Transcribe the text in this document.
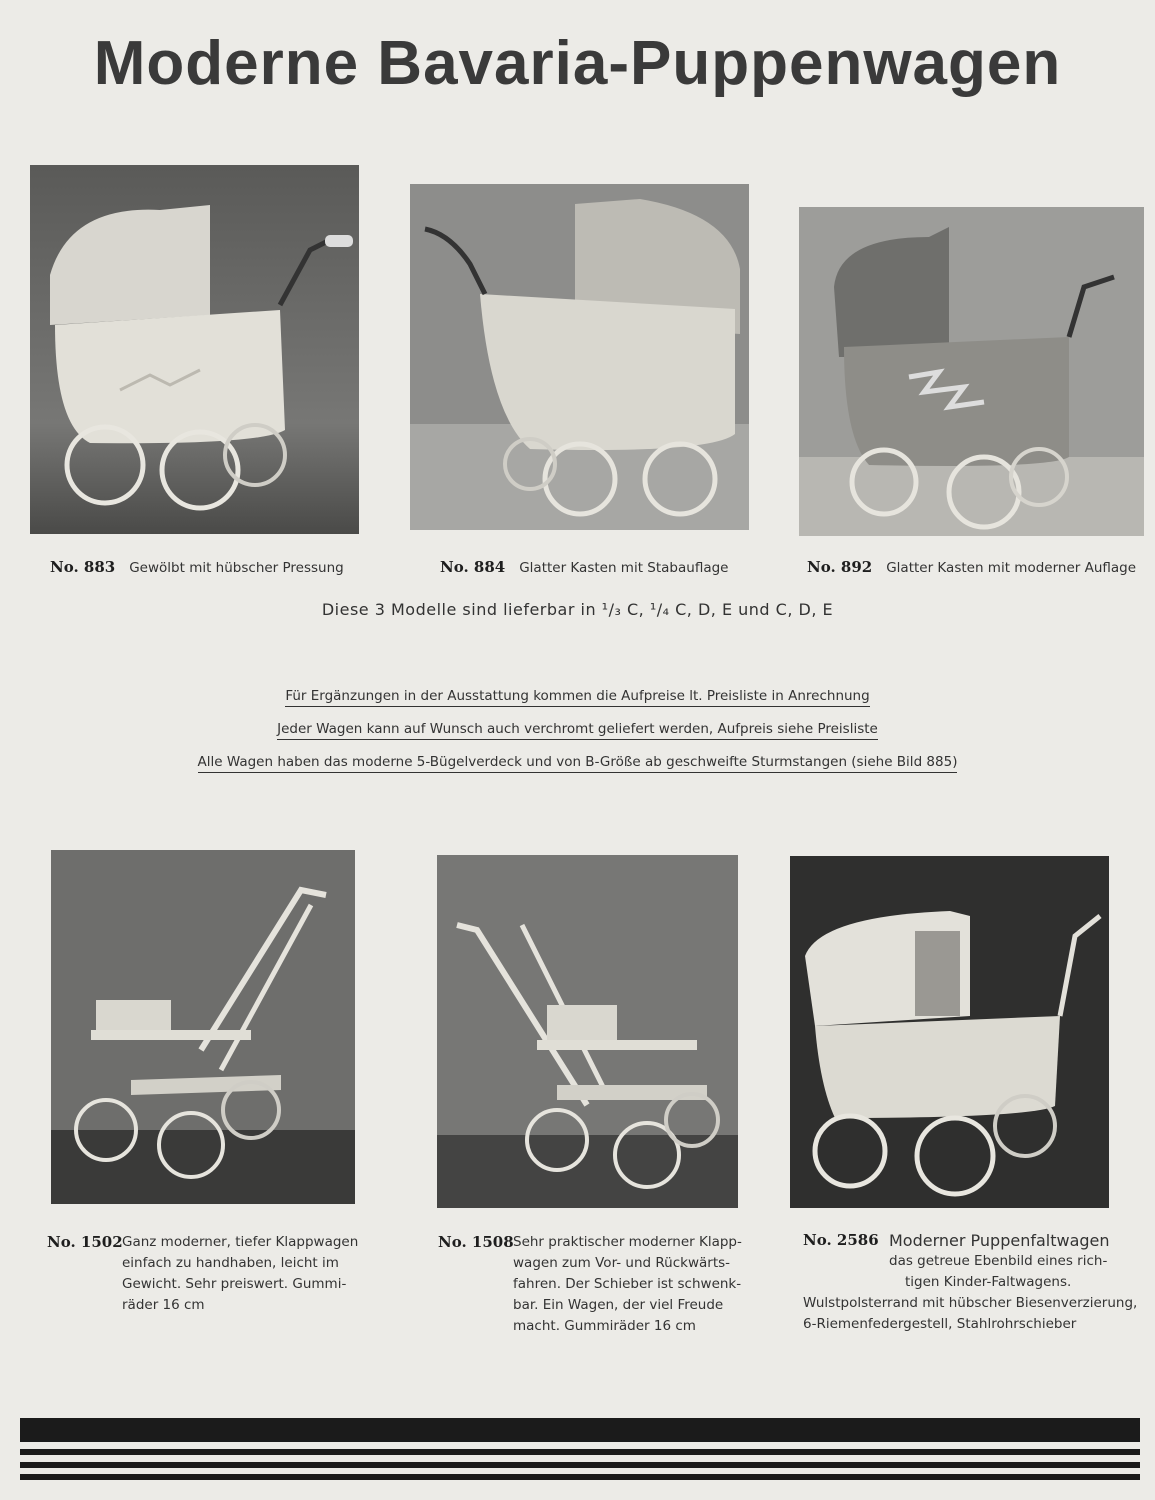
Moderne Bavaria-Puppenwagen
No. 883 Gewölbt mit hübscher Pressung	No. 884 Glatter Kasten mit Stabauflage	No. 892 Glatter Kasten mit moderner Auflage
Diese 3 Modelle sind lieferbar in ¹/₃ C, ¹/₄ C, D, E und C, D, E
Für Ergänzungen in der Ausstattung kommen die Aufpreise lt. Preisliste in Anrechnung
Jeder Wagen kann auf Wunsch auch verchromt geliefert werden, Aufpreis siehe Preisliste
Alle Wagen haben das moderne 5-Bügelverdeck und von B-Größe ab geschweifte Sturmstangen (siehe Bild 885)
No. 1502 Ganz moderner, tiefer Klappwagen
einfach zu handhaben, leicht im
Gewicht. Sehr preiswert. Gummi-
räder 16 cm
No. 1508 Sehr praktischer moderner Klapp-
wagen zum Vor- und Rückwärts-
fahren. Der Schieber ist schwenk-
bar. Ein Wagen, der viel Freude
macht. Gummiräder 16 cm
No. 2586 Moderner Puppenfaltwagen
das getreue Ebenbild eines rich-
tigen Kinder-Faltwagens.
Wulstpolsterrand mit hübscher Biesenverzierung,
6-Riemenfedergestell, Stahlrohrschieber
